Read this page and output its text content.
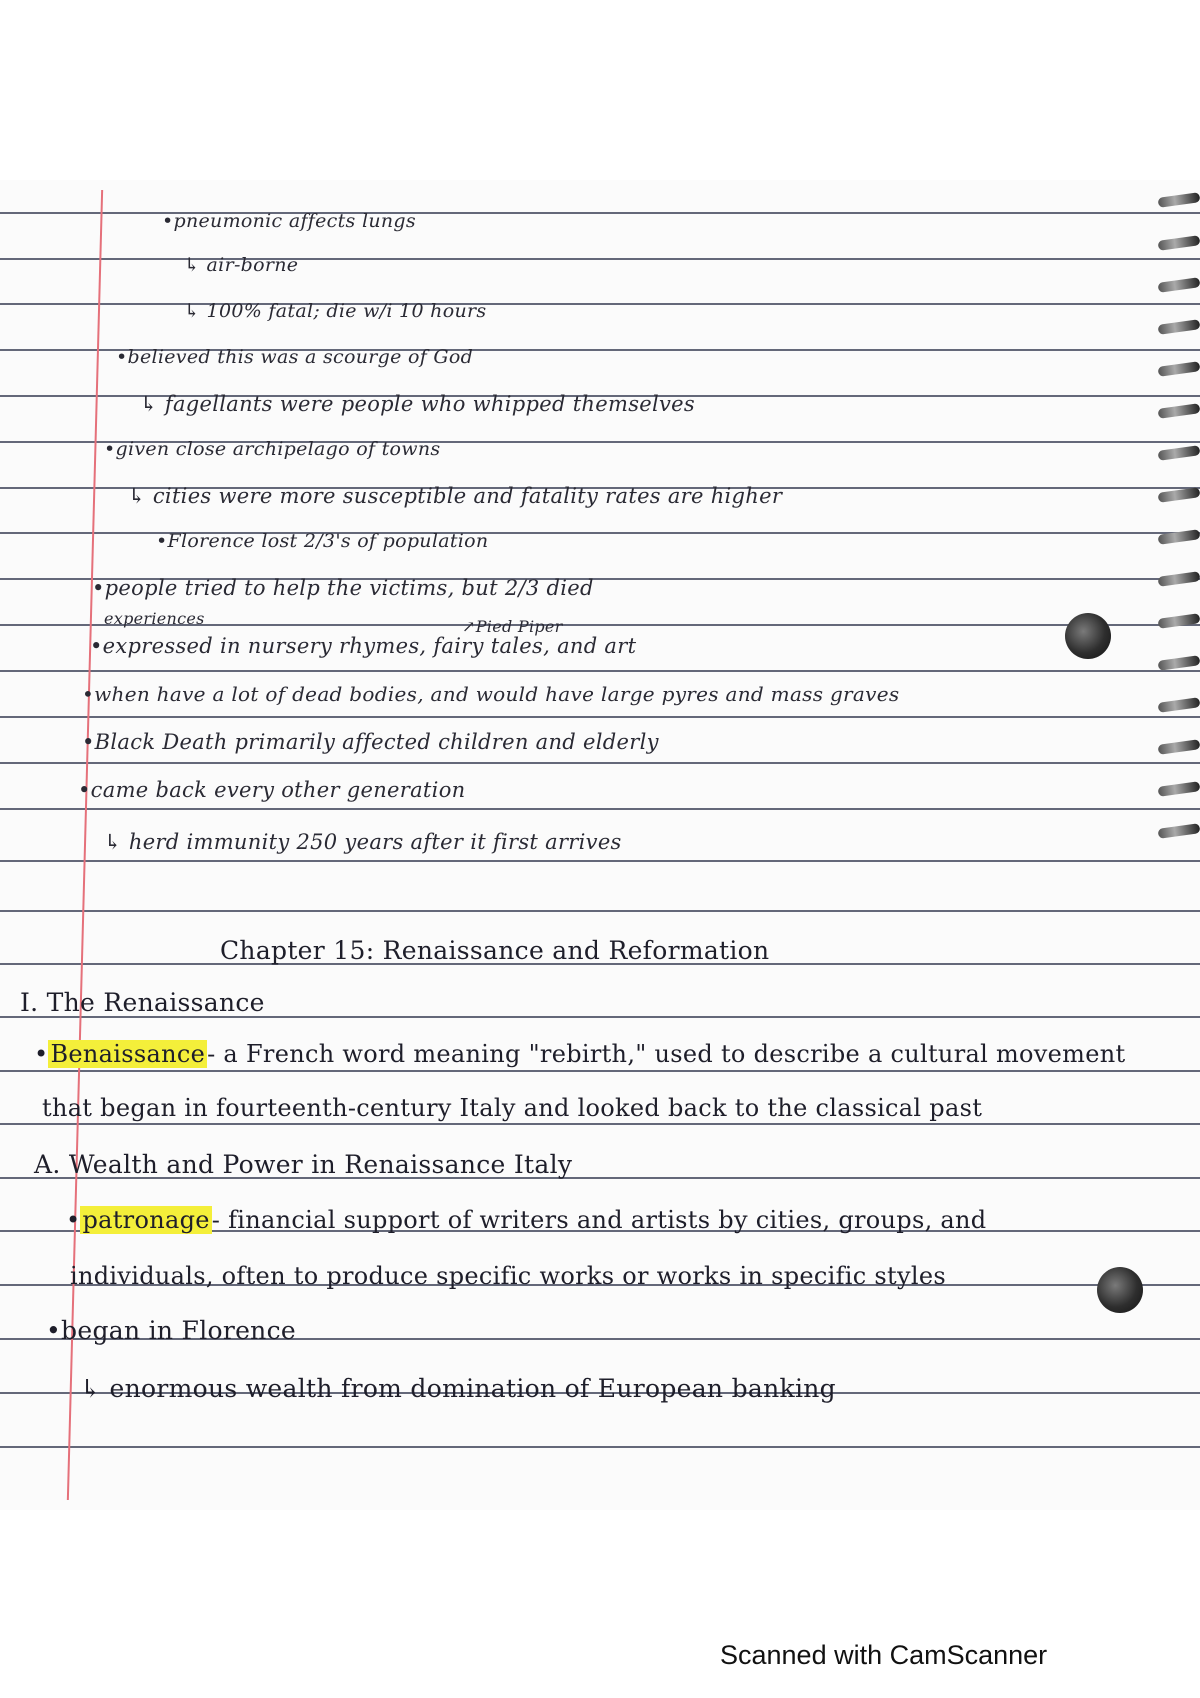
•pneumonic affects lungs
↳ air-borne
↳ 100% fatal; die w/i 10 hours
•believed this was a scourge of God
↳ fagellants were people who whipped themselves
•given close archipelago of towns
↳ cities were more susceptible and fatality rates are higher
•Florence lost 2/3's of population
•people tried to help the victims, but 2/3 died
experiences	↗Pied Piper
•expressed in nursery rhymes, fairy tales, and art
•when have a lot of dead bodies, and would have large pyres and mass graves
•Black Death primarily affected children and elderly
•came back every other generation
↳ herd immunity 250 years after it first arrives
Chapter 15: Renaissance and Reformation
I. The Renaissance
•Benaissance- a French word meaning "rebirth," used to describe a cultural movement
that began in fourteenth-century Italy and looked back to the classical past
A. Wealth and Power in Renaissance Italy
•patronage- financial support of writers and artists by cities, groups, and
individuals, often to produce specific works or works in specific styles
•began in Florence
↳ enormous wealth from domination of European banking
Scanned with CamScanner
